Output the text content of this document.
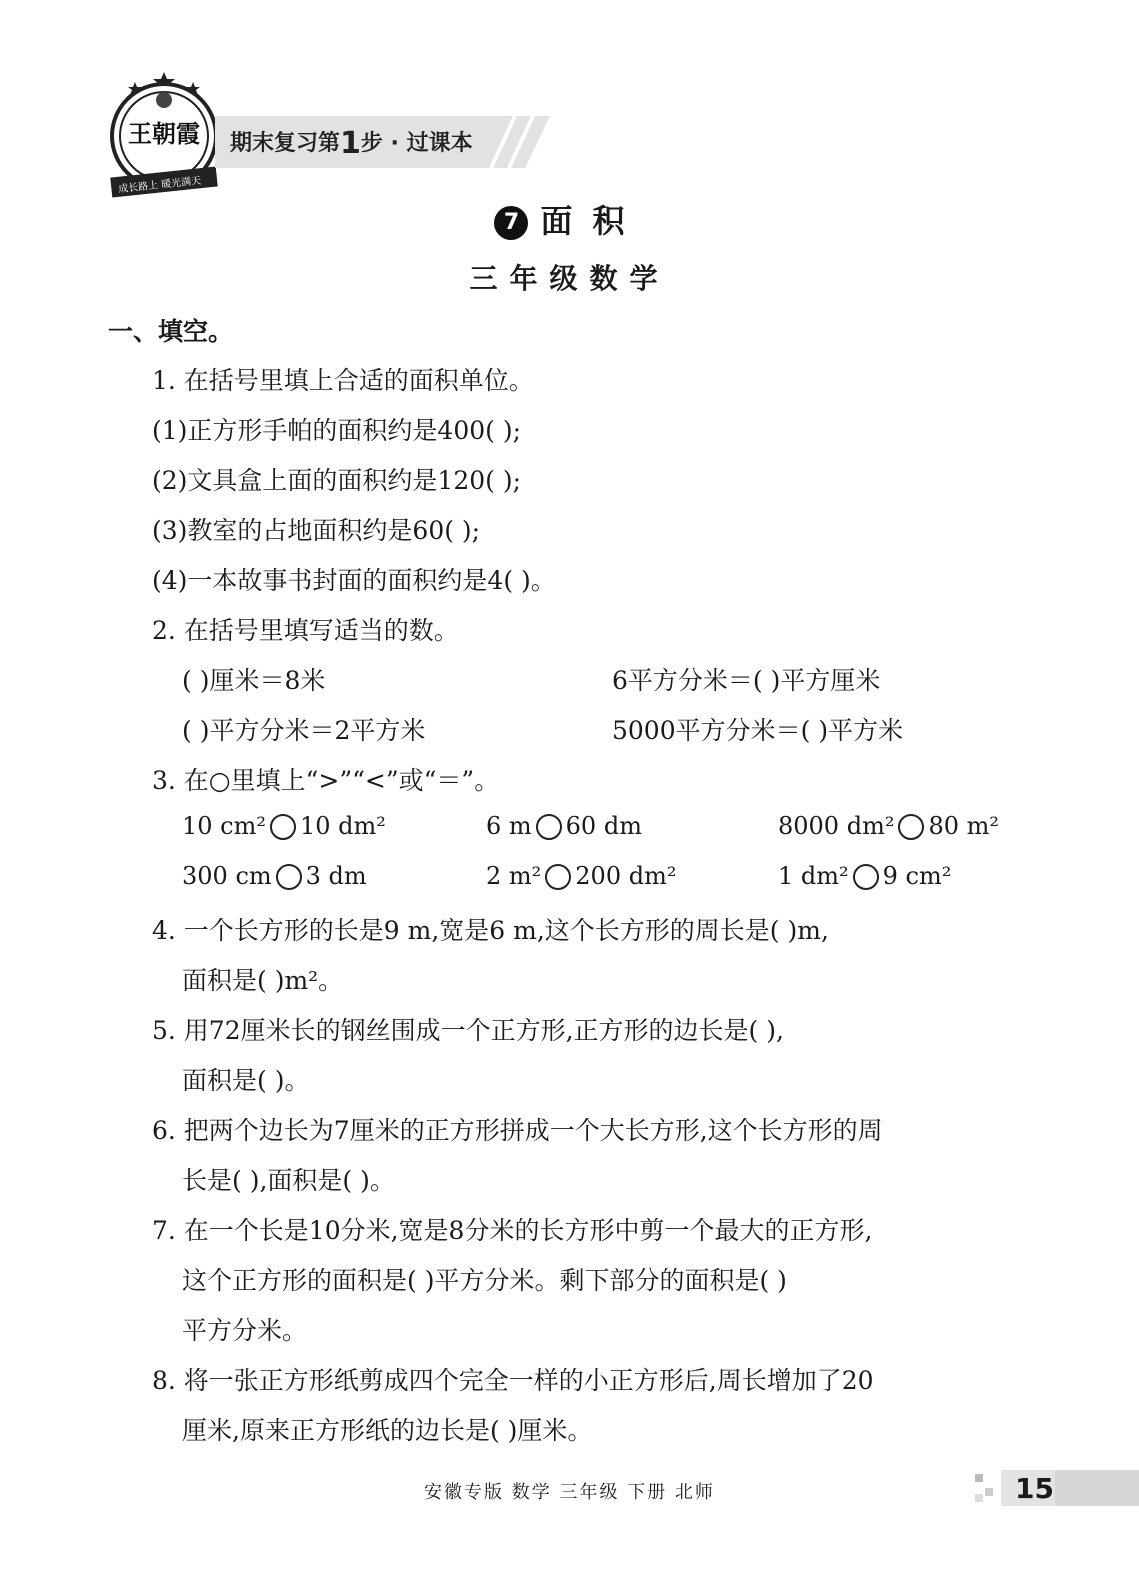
王朝霞
成长路上 暖光满天
期末复习第1步 · 过课本
7 面积
三年级数学
一、填空。
1. 在括号里填上合适的面积单位。
(1)正方形手帕的面积约是400( );
(2)文具盒上面的面积约是120( );
(3)教室的占地面积约是60( );
(4)一本故事书封面的面积约是4( )。
2. 在括号里填写适当的数。
( )厘米＝8米	6平方分米＝( )平方厘米
( )平方分米＝2平方米	5000平方分米＝( )平方米
3. 在○里填上“>”“<”或“＝”。
10 cm² 10 dm²	6 m 60 dm	8000 dm² 80 m²
300 cm 3 dm	2 m² 200 dm²	1 dm² 9 cm²
4. 一个长方形的长是9 m,宽是6 m,这个长方形的周长是( )m,
面积是( )m²。
5. 用72厘米长的钢丝围成一个正方形,正方形的边长是( ),
面积是( )。
6. 把两个边长为7厘米的正方形拼成一个大长方形,这个长方形的周
长是( ),面积是( )。
7. 在一个长是10分米,宽是8分米的长方形中剪一个最大的正方形,
这个正方形的面积是( )平方分米。剩下部分的面积是( )
平方分米。
8. 将一张正方形纸剪成四个完全一样的小正方形后,周长增加了20
厘米,原来正方形纸的边长是( )厘米。
安徽专版 数学 三年级 下册 北师	15
